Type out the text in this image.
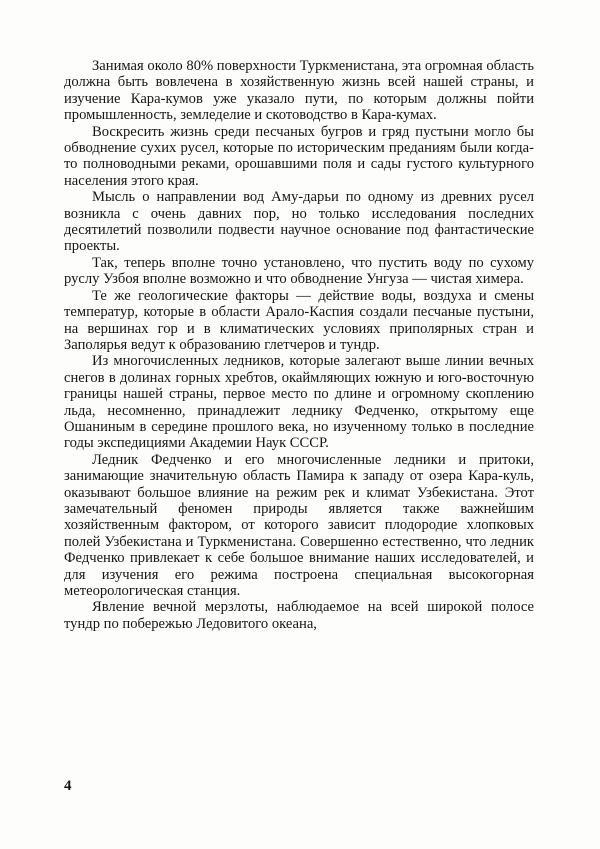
Занимая около 80% поверхности Туркменистана, эта огромная область должна быть вовлечена в хозяйственную жизнь всей нашей страны, и изучение Кара-кумов уже указало пути, по которым должны пойти промышленность, земледелие и скотоводство в Кара-кумах.

Воскресить жизнь среди песчаных бугров и гряд пустыни могло бы обводнение сухих русел, которые по историческим преданиям были когда-то полноводными реками, орошавшими поля и сады густого культурного населения этого края.

Мысль о направлении вод Аму-дарьи по одному из древних русел возникла с очень давних пор, но только исследования последних десятилетий позволили подвести научное основание под фантастические проекты.

Так, теперь вполне точно установлено, что пустить воду по сухому руслу Узбоя вполне возможно и что обводнение Унгуза — чистая химера.

Те же геологические факторы — действие воды, воздуха и смены температур, которые в области Арало-Каспия создали песчаные пустыни, на вершинах гор и в климатических условиях приполярных стран и Заполярья ведут к образованию глетчеров и тундр.

Из многочисленных ледников, которые залегают выше линии вечных снегов в долинах горных хребтов, окаймляющих южную и юго-восточную границы нашей страны, первое место по длине и огромному скоплению льда, несомненно, принадлежит леднику Федченко, открытому еще Ошаниным в середине прошлого века, но изученному только в последние годы экспедициями Академии Наук СССР.

Ледник Федченко и его многочисленные ледники и притоки, занимающие значительную область Памира к западу от озера Кара-куль, оказывают большое влияние на режим рек и климат Узбекистана. Этот замечательный феномен природы является также важнейшим хозяйственным фактором, от которого зависит плодородие хлопковых полей Узбекистана и Туркменистана. Совершенно естественно, что ледник Федченко привлекает к себе большое внимание наших исследователей, и для изучения его режима построена специальная высокогорная метеорологическая станция.

Явление вечной мерзлоты, наблюдаемое на всей широкой полосе тундр по побережью Ледовитого океана,

4
